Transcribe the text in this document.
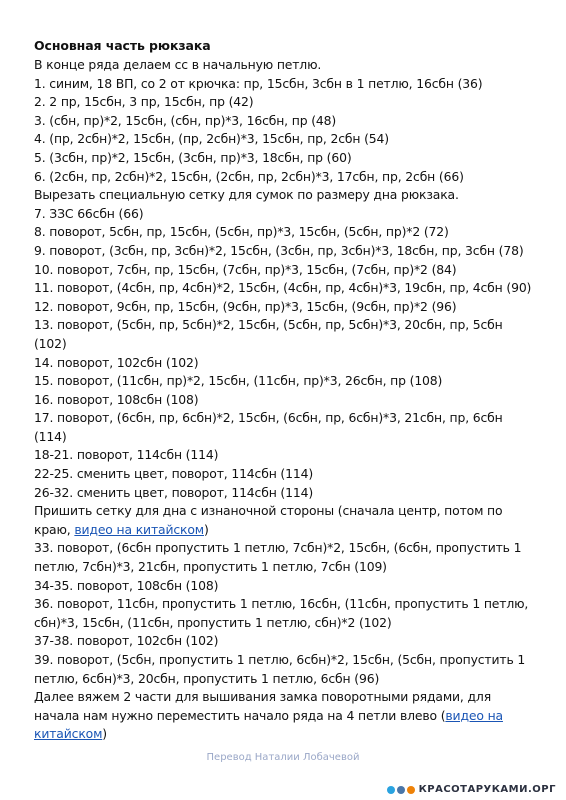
Основная часть рюкзака
В конце ряда делаем сс в начальную петлю.
1. синим, 18 ВП, со 2 от крючка: пр, 15сбн, 3сбн в 1 петлю, 16сбн (36)
2. 2 пр, 15сбн, 3 пр, 15сбн, пр (42)
3. (сбн, пр)*2, 15сбн, (сбн, пр)*3, 16сбн, пр (48)
4. (пр, 2сбн)*2, 15сбн, (пр, 2сбн)*3, 15сбн, пр, 2сбн (54)
5. (3сбн, пр)*2, 15сбн, (3сбн, пр)*3, 18сбн, пр (60)
6. (2сбн, пр, 2сбн)*2, 15сбн, (2сбн, пр, 2сбн)*3, 17сбн, пр, 2сбн (66)
Вырезать специальную сетку для сумок по размеру дна рюкзака.
7. ЗЗС 66сбн (66)
8. поворот, 5сбн, пр, 15сбн, (5сбн, пр)*3, 15сбн, (5сбн, пр)*2 (72)
9. поворот, (3сбн, пр, 3сбн)*2, 15сбн, (3сбн, пр, 3сбн)*3, 18сбн, пр, 3сбн (78)
10. поворот, 7сбн, пр, 15сбн, (7сбн, пр)*3, 15сбн, (7сбн, пр)*2 (84)
11. поворот, (4сбн, пр, 4сбн)*2, 15сбн, (4сбн, пр, 4сбн)*3, 19сбн, пр, 4сбн (90)
12. поворот, 9сбн, пр, 15сбн, (9сбн, пр)*3, 15сбн, (9сбн, пр)*2 (96)
13. поворот, (5сбн, пр, 5сбн)*2, 15сбн, (5сбн, пр, 5сбн)*3, 20сбн, пр, 5сбн
(102)
14. поворот, 102сбн (102)
15. поворот, (11сбн, пр)*2, 15сбн, (11сбн, пр)*3, 26сбн, пр (108)
16. поворот, 108сбн (108)
17. поворот, (6сбн, пр, 6сбн)*2, 15сбн, (6сбн, пр, 6сбн)*3, 21сбн, пр, 6сбн
(114)
18-21. поворот, 114сбн (114)
22-25. сменить цвет, поворот, 114сбн (114)
26-32. сменить цвет, поворот, 114сбн (114)
Пришить сетку для дна с изнаночной стороны (сначала центр, потом по
краю, видео на китайском)
33. поворот, (6сбн пропустить 1 петлю, 7сбн)*2, 15сбн, (6сбн, пропустить 1
петлю, 7сбн)*3, 21сбн, пропустить 1 петлю, 7сбн (109)
34-35. поворот, 108сбн (108)
36. поворот, 11сбн, пропустить 1 петлю, 16сбн, (11сбн, пропустить 1 петлю,
сбн)*3, 15сбн, (11сбн, пропустить 1 петлю, сбн)*2 (102)
37-38. поворот, 102сбн (102)
39. поворот, (5сбн, пропустить 1 петлю, 6сбн)*2, 15сбн, (5сбн, пропустить 1
петлю, 6сбн)*3, 20сбн, пропустить 1 петлю, 6сбн (96)
Далее вяжем 2 части для вышивания замка поворотными рядами, для
начала нам нужно переместить начало ряда на 4 петли влево (видео на
китайском)
Перевод Наталии Лобачевой
КРАСОТАРУКАМИ.ОРГ
